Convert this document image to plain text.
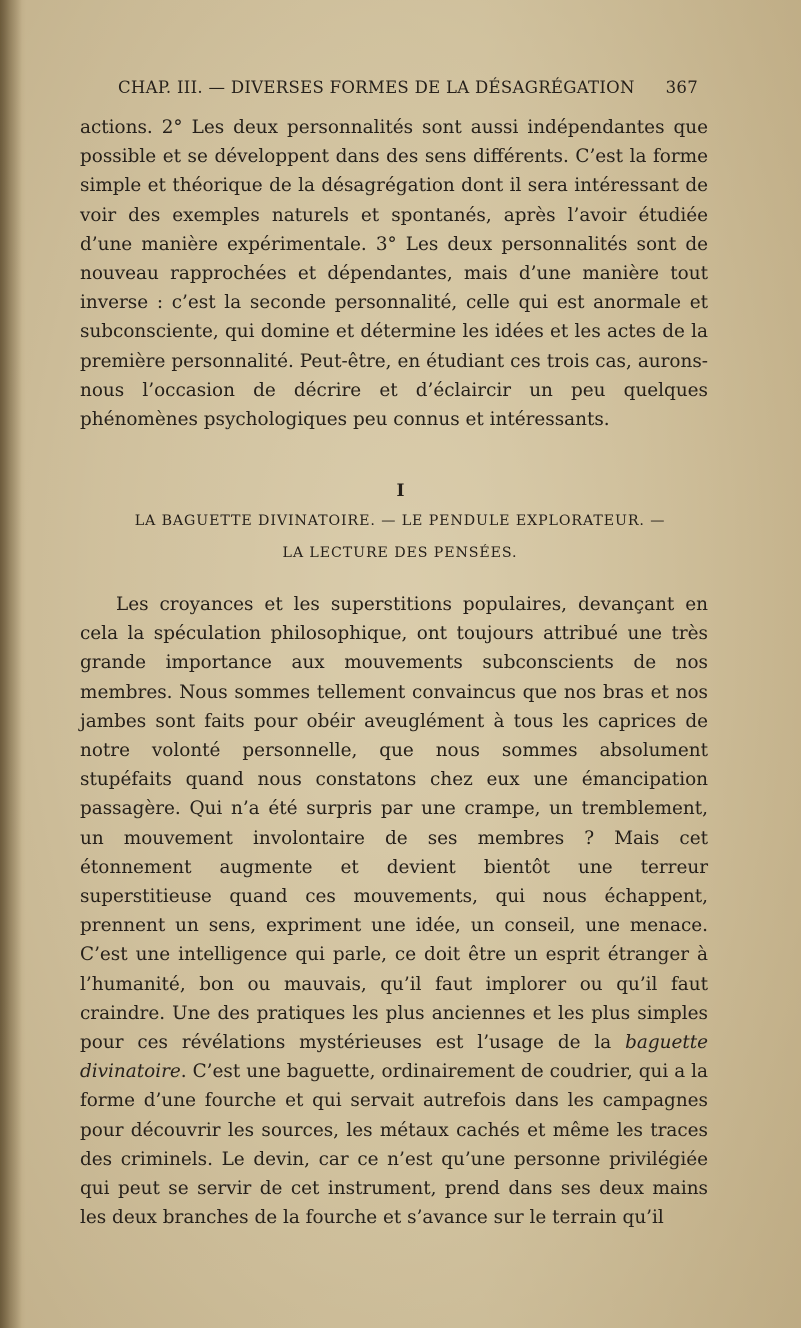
CHAP. III. — DIVERSES FORMES DE LA DÉSAGRÉGATION 367

actions. 2° Les deux personnalités sont aussi indépendantes que possible et se développent dans des sens différents. C’est la forme simple et théorique de la désagrégation dont il sera intéressant de voir des exemples naturels et spontanés, après l’avoir étudiée d’une manière expérimentale. 3° Les deux personnalités sont de nouveau rapprochées et dépendantes, mais d’une manière tout inverse : c’est la seconde personnalité, celle qui est anormale et subconsciente, qui domine et détermine les idées et les actes de la première personnalité. Peut-être, en étudiant ces trois cas, aurons-nous l’occasion de décrire et d’éclaircir un peu quelques phénomènes psychologiques peu connus et intéressants.

I
LA BAGUETTE DIVINATOIRE. — LE PENDULE EXPLORATEUR. —
LA LECTURE DES PENSÉES.

Les croyances et les superstitions populaires, devançant en cela la spéculation philosophique, ont toujours attribué une très grande importance aux mouvements subconscients de nos membres. Nous sommes tellement convaincus que nos bras et nos jambes sont faits pour obéir aveuglément à tous les caprices de notre volonté personnelle, que nous sommes absolument stupéfaits quand nous constatons chez eux une émancipation passagère. Qui n’a été surpris par une crampe, un tremblement, un mouvement involontaire de ses membres ? Mais cet étonnement augmente et devient bientôt une terreur superstitieuse quand ces mouvements, qui nous échappent, prennent un sens, expriment une idée, un conseil, une menace. C’est une intelligence qui parle, ce doit être un esprit étranger à l’humanité, bon ou mauvais, qu’il faut implorer ou qu’il faut craindre. Une des pratiques les plus anciennes et les plus simples pour ces révélations mystérieuses est l’usage de la baguette divinatoire. C’est une baguette, ordinairement de coudrier, qui a la forme d’une fourche et qui servait autrefois dans les campagnes pour découvrir les sources, les métaux cachés et même les traces des criminels. Le devin, car ce n’est qu’une personne privilégiée qui peut se servir de cet instrument, prend dans ses deux mains les deux branches de la fourche et s’avance sur le terrain qu’il
